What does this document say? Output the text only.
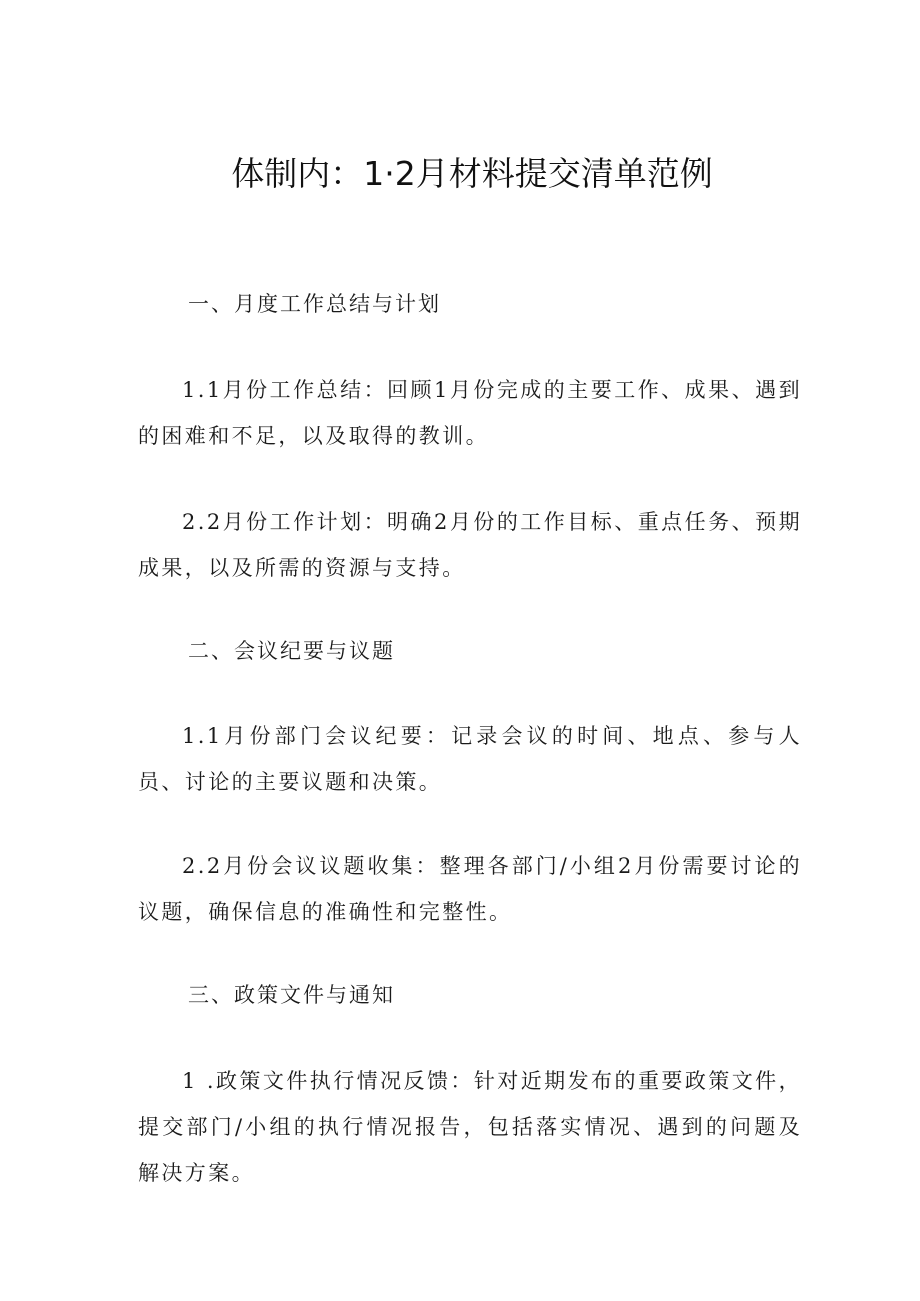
体制内：1·2月材料提交清单范例
一、月度工作总结与计划

1.1月份工作总结：回顾1月份完成的主要工作、成果、遇到的困难和不足，以及取得的教训。

2.2月份工作计划：明确2月份的工作目标、重点任务、预期成果，以及所需的资源与支持。

二、会议纪要与议题

1.1月份部门会议纪要：记录会议的时间、地点、参与人员、讨论的主要议题和决策。

2.2月份会议议题收集：整理各部门/小组2月份需要讨论的议题，确保信息的准确性和完整性。

三、政策文件与通知

1 .政策文件执行情况反馈：针对近期发布的重要政策文件，提交部门/小组的执行情况报告，包括落实情况、遇到的问题及解决方案。
